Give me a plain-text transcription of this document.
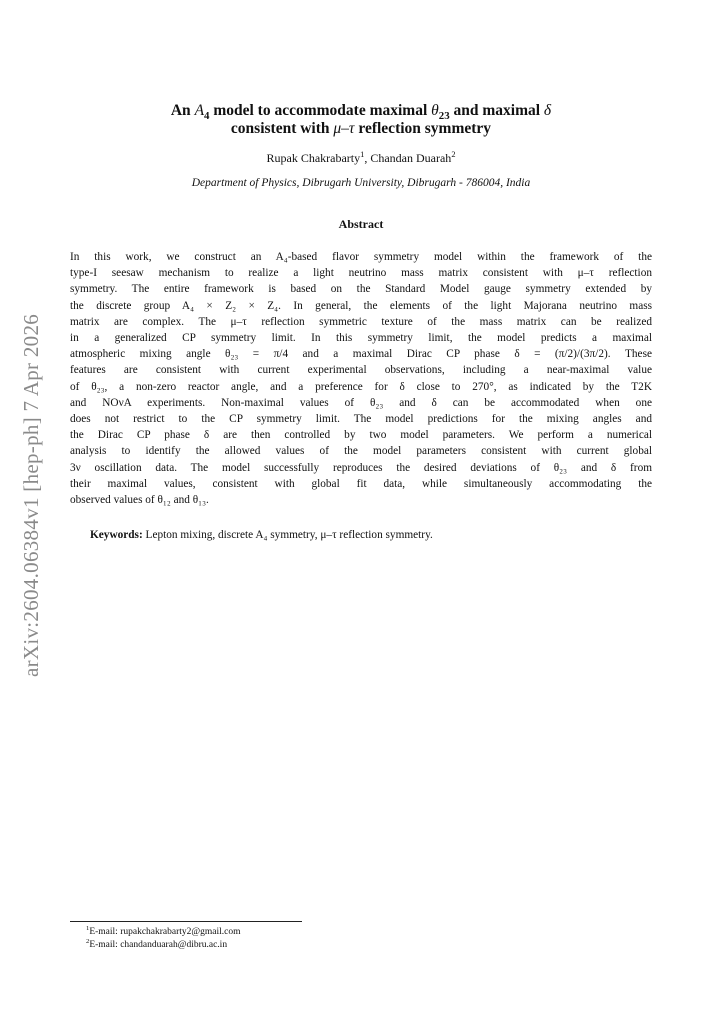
arXiv:2604.06384v1 [hep-ph] 7 Apr 2026
An $A_4$ model to accommodate maximal $\theta_{23}$ and maximal δ
consistent with μ–τ reflection symmetry
Rupak Chakrabarty$^1$, Chandan Duarah$^2$
Department of Physics, Dibrugarh University, Dibrugarh - 786004, India
Abstract

In this work, we construct an A₄-based flavor symmetry model within the framework of the
type-I seesaw mechanism to realize a light neutrino mass matrix consistent with μ–τ reflection
symmetry. The entire framework is based on the Standard Model gauge symmetry extended by
the discrete group A₄ × Z₂ × Z₄. In general, the elements of the light Majorana neutrino mass
matrix are complex. The μ–τ reflection symmetric texture of the mass matrix can be realized
in a generalized CP symmetry limit. In this symmetry limit, the model predicts a maximal
atmospheric mixing angle θ₂₃ = π/4 and a maximal Dirac CP phase δ = (π/2)/(3π/2). These
features are consistent with current experimental observations, including a near-maximal value
of θ₂₃, a non-zero reactor angle, and a preference for δ close to 270°, as indicated by the T2K
and NOνA experiments. Non-maximal values of θ₂₃ and δ can be accommodated when one
does not restrict to the CP symmetry limit. The model predictions for the mixing angles and
the Dirac CP phase δ are then controlled by two model parameters. We perform a numerical
analysis to identify the allowed values of the model parameters consistent with current global
3ν oscillation data. The model successfully reproduces the desired deviations of θ₂₃ and δ from
their maximal values, consistent with global fit data, while simultaneously accommodating the
observed values of θ₁₂ and θ₁₃.

Keywords: Lepton mixing, discrete A₄ symmetry, μ–τ reflection symmetry.
$^1$E-mail: rupakchakrabarty2@gmail.com
$^2$E-mail: chandanduarah@dibru.ac.in
